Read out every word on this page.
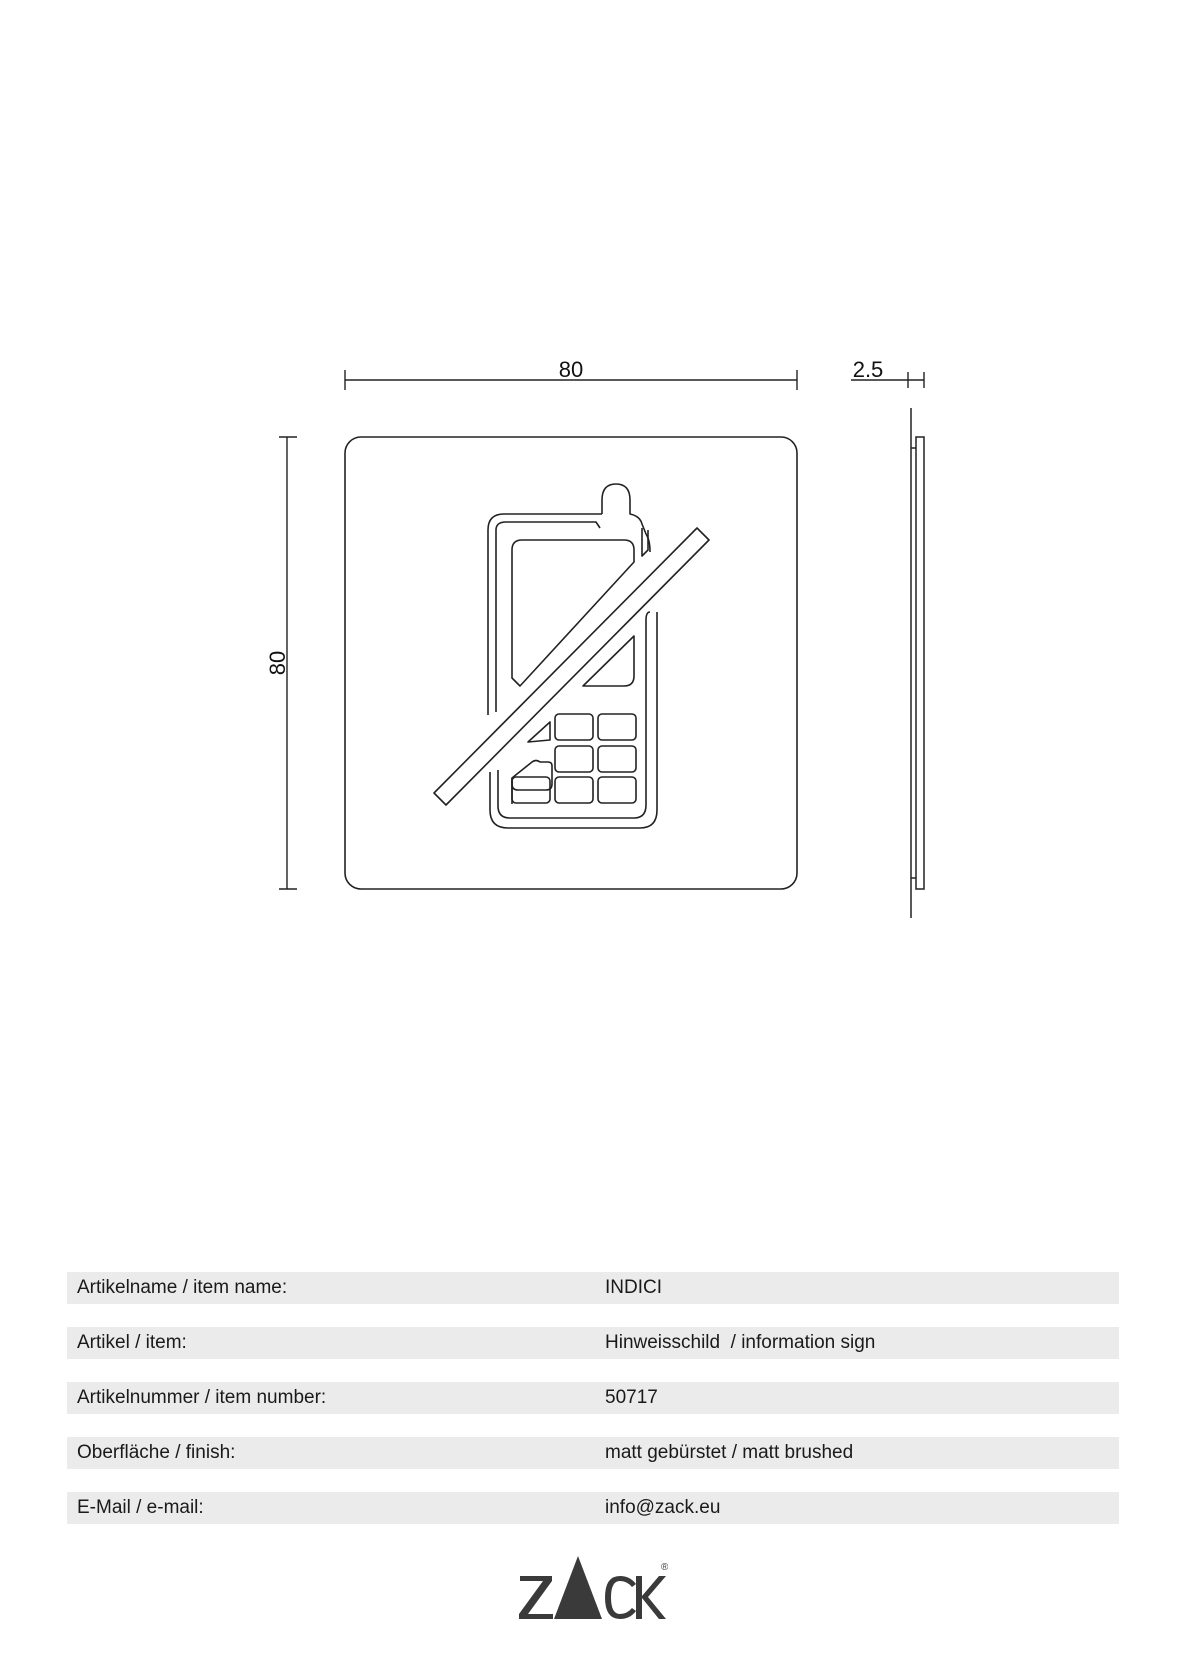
80
80
2.5
Artikelname / item name:	INDICI
Artikel / item:	Hinweisschild  / information sign
Artikelnummer / item number:	50717
Oberfläche / finish:	matt gebürstet / matt brushed
E-Mail / e-mail:	info@zack.eu
®
